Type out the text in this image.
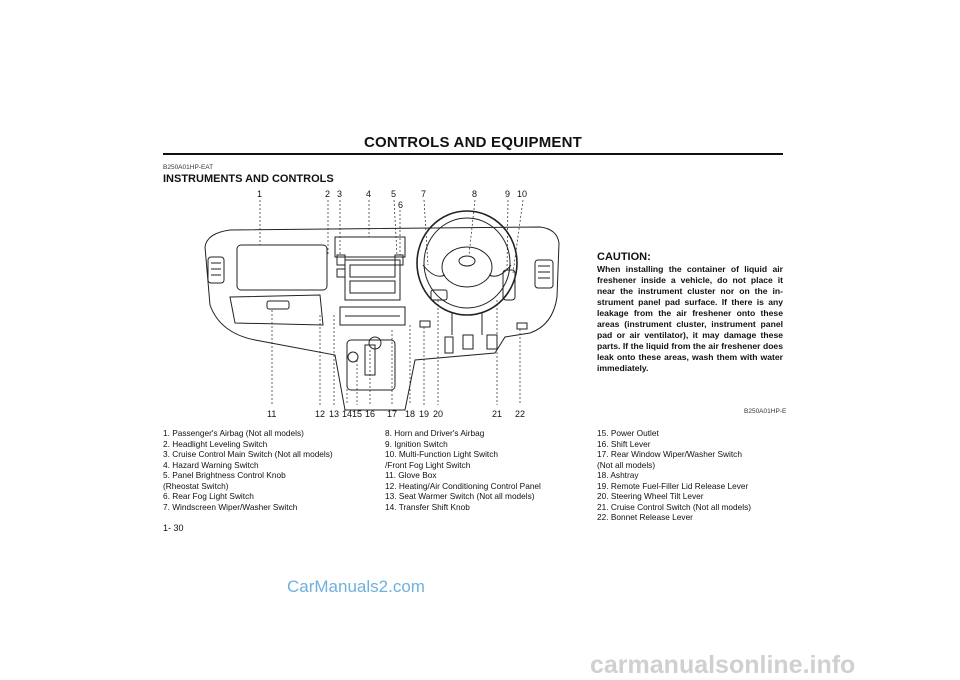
CONTROLS AND EQUIPMENT
B250A01HP-EAT
INSTRUMENTS AND CONTROLS
1	2 3	4 5
6
7	8	9 10
11	12 13 14 15 16 17 18 19 20	21 22
CAUTION:
When installing the container of liquid air freshener inside a vehicle, do not place it near the instrument cluster nor on the in-strument panel pad surface. If there is any leakage from the air freshener onto these areas (instrument cluster, instrument panel pad or air ventilator), it may damage these parts. If the liquid from the air freshener does leak onto these areas, wash them with water immediately.
B250A01HP-E
1. Passenger's Airbag (Not all models)
2. Headlight Leveling Switch
3. Cruise Control Main Switch (Not all models)
4. Hazard Warning Switch
5. Panel Brightness Control Knob
(Rheostat Switch)
6. Rear Fog Light Switch
7. Windscreen Wiper/Washer Switch
8. Horn and Driver's Airbag
9. Ignition Switch
10. Multi-Function Light Switch
/Front Fog Light Switch
11. Glove Box
12. Heating/Air Conditioning Control Panel
13. Seat Warmer Switch (Not all models)
14. Transfer Shift Knob
15. Power Outlet
16. Shift Lever
17. Rear Window Wiper/Washer Switch
(Not all models)
18. Ashtray
19. Remote Fuel-Filler Lid Release Lever
20. Steering Wheel Tilt Lever
21. Cruise Control Switch (Not all models)
22. Bonnet Release Lever
1- 30
CarManuals2.com
carmanualsonline.info
